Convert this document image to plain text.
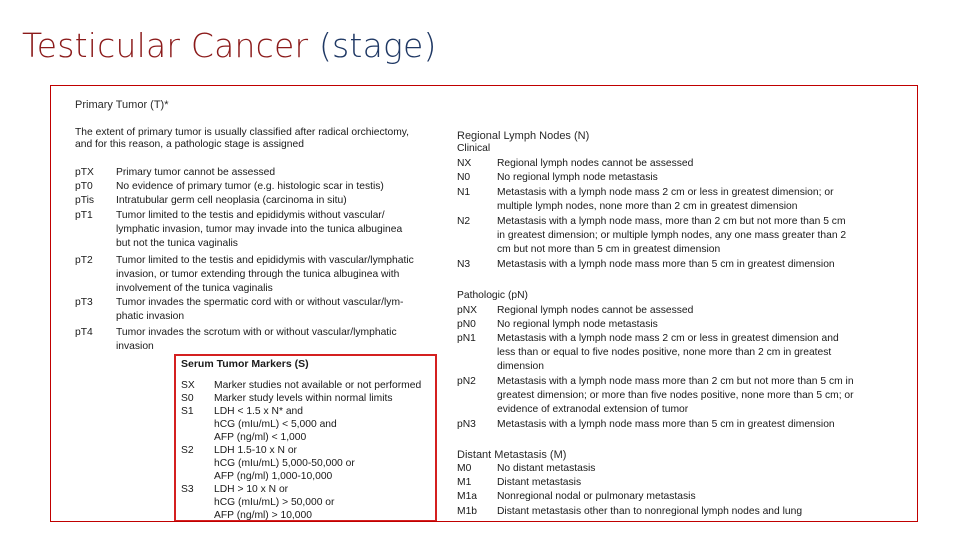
Testicular Cancer (stage)
Primary Tumor (T)*
The extent of primary tumor is usually classified after radical orchiectomy,
and for this reason, a pathologic stage is assigned
pTX Primary tumor cannot be assessed
pT0 No evidence of primary tumor (e.g. histologic scar in testis)
pTis Intratubular germ cell neoplasia (carcinoma in situ)
pT1 Tumor limited to the testis and epididymis without vascular/
lymphatic invasion, tumor may invade into the tunica albuginea
but not the tunica vaginalis
pT2 Tumor limited to the testis and epididymis with vascular/lymphatic
invasion, or tumor extending through the tunica albuginea with
involvement of the tunica vaginalis
pT3 Tumor invades the spermatic cord with or without vascular/lym-
phatic invasion
pT4 Tumor invades the scrotum with or without vascular/lymphatic
invasion
Serum Tumor Markers (S)
SX Marker studies not available or not performed
S0 Marker study levels within normal limits
S1 LDH < 1.5 x N* and
hCG (mIu/mL) < 5,000 and
AFP (ng/ml) < 1,000
S2 LDH 1.5-10 x N or
hCG (mIu/mL) 5,000-50,000 or
AFP (ng/ml) 1,000-10,000
S3 LDH > 10 x N or
hCG (mIu/mL) > 50,000 or
AFP (ng/ml) > 10,000
Regional Lymph Nodes (N)
Clinical
NX Regional lymph nodes cannot be assessed
N0	No regional lymph node metastasis
N1	Metastasis with a lymph node mass 2 cm or less in greatest dimension; or
multiple lymph nodes, none more than 2 cm in greatest dimension
N2	Metastasis with a lymph node mass, more than 2 cm but not more than 5 cm
in greatest dimension; or multiple lymph nodes, any one mass greater than 2
cm but not more than 5 cm in greatest dimension
N3	Metastasis with a lymph node mass more than 5 cm in greatest dimension
Pathologic (pN)
pNX Regional lymph nodes cannot be assessed
pN0 No regional lymph node metastasis
pN1 Metastasis with a lymph node mass 2 cm or less in greatest dimension and
less than or equal to five nodes positive, none more than 2 cm in greatest
dimension
pN2 Metastasis with a lymph node mass more than 2 cm but not more than 5 cm in
greatest dimension; or more than five nodes positive, none more than 5 cm; or
evidence of extranodal extension of tumor
pN3 Metastasis with a lymph node mass more than 5 cm in greatest dimension
Distant Metastasis (M)
M0 No distant metastasis
M1 Distant metastasis
M1a Nonregional nodal or pulmonary metastasis
M1b Distant metastasis other than to nonregional lymph nodes and lung
